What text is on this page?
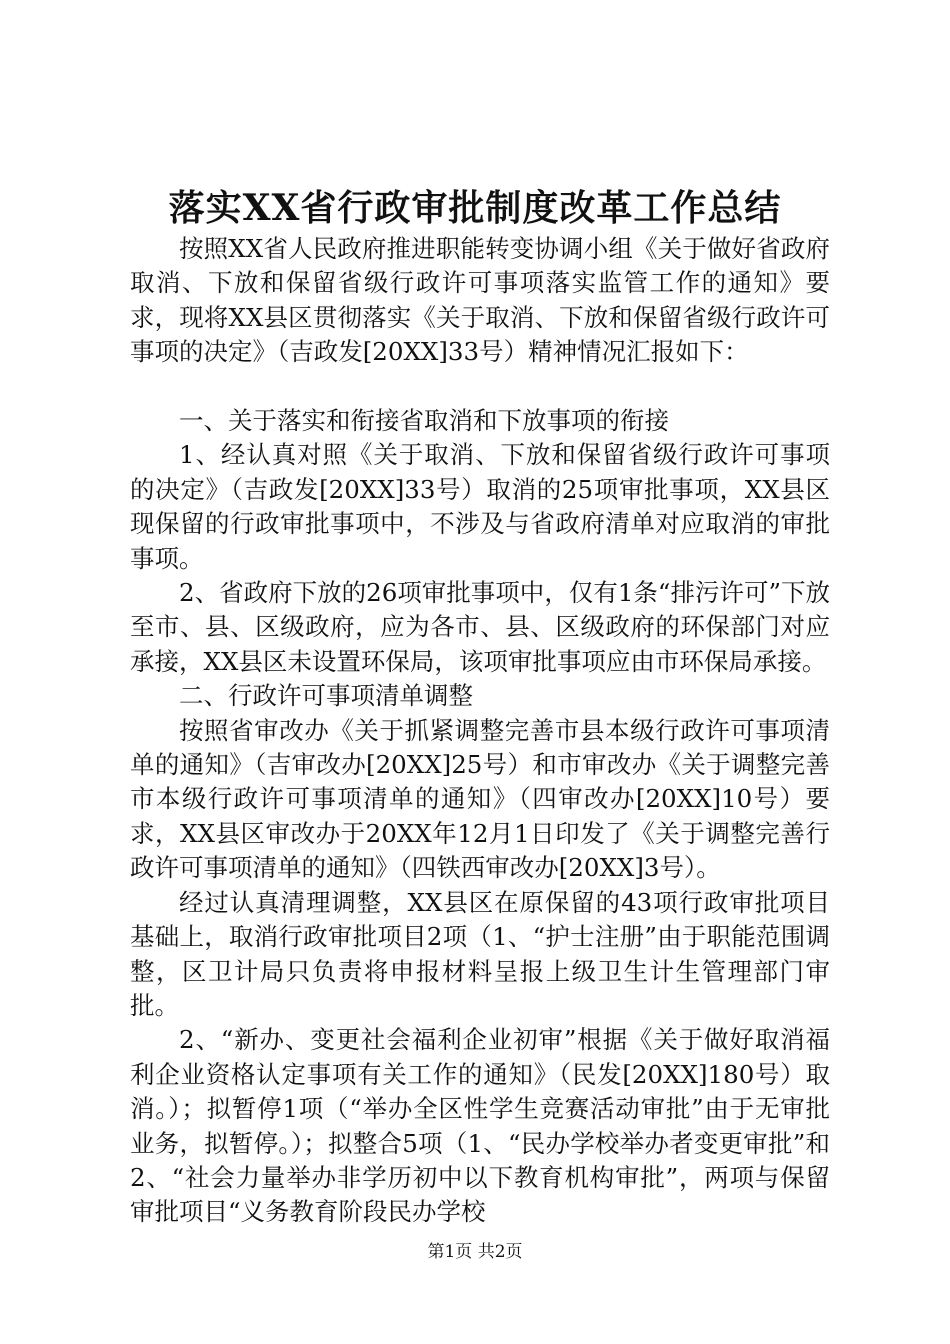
落实XX省行政审批制度改革工作总结

按照XX省人民政府推进职能转变协调小组《关于做好省政府取消、下放和保留省级行政许可事项落实监管工作的通知》要求，现将XX县区贯彻落实《关于取消、下放和保留省级行政许可事项的决定》（吉政发[20XX]33号）精神情况汇报如下：

一、关于落实和衔接省取消和下放事项的衔接

1、经认真对照《关于取消、下放和保留省级行政许可事项的决定》（吉政发[20XX]33号）取消的25项审批事项，XX县区现保留的行政审批事项中，不涉及与省政府清单对应取消的审批事项。

2、省政府下放的26项审批事项中，仅有1条“排污许可”下放至市、县、区级政府，应为各市、县、区级政府的环保部门对应承接，XX县区未设置环保局，该项审批事项应由市环保局承接。

二、行政许可事项清单调整

按照省审改办《关于抓紧调整完善市县本级行政许可事项清单的通知》（吉审改办[20XX]25号）和市审改办《关于调整完善市本级行政许可事项清单的通知》（四审改办[20XX]10号）要求，XX县区审改办于20XX年12月1日印发了《关于调整完善行政许可事项清单的通知》（四铁西审改办[20XX]3号）。

经过认真清理调整，XX县区在原保留的43项行政审批项目基础上，取消行政审批项目2项（1、“护士注册”由于职能范围调整，区卫计局只负责将申报材料呈报上级卫生计生管理部门审批。

2、“新办、变更社会福利企业初审”根据《关于做好取消福利企业资格认定事项有关工作的通知》（民发[20XX]180号）取消。）；拟暂停1项（“举办全区性学生竞赛活动审批”由于无审批业务，拟暂停。）；拟整合5项（1、“民办学校举办者变更审批”和2、“社会力量举办非学历初中以下教育机构审批”，两项与保留审批项目“义务教育阶段民办学校

第1页 共2页
